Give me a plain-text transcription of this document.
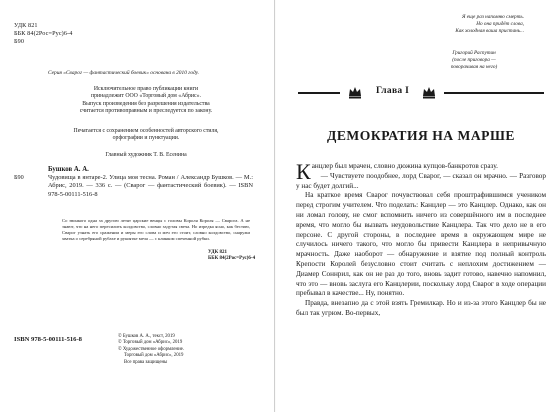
УДК 821
ББК 84(2Рос=Рус)6-4
Б90
Серия «Сварог — фантастический боевик» основана в 2010 году.
Исключительное право публикации книги
принадлежит ООО «Торговый дом «Абрис».
Выпуск произведения без разрешения издательства
считается противоправным и преследуется по закону.
Печатается с сохранением особенностей авторского стиля,
орфографии и пунктуации.
Главный художник Т. В. Есенина
Б90
Бушков А. А.
Чудовища в янтаре-2. Улица моя тесна. Роман / Александр Бушков. — М.: Абрис, 2019. — 336 с. — (Сварог — фантастический боевик). — ISBN 978-5-00111-516-8
Со звонкого одна за другою летят царские венцы с головы Короля Короля — Сварога. А не знают, что на него пересилить колдовство, словно задутая свеча. Но изредка ясно, как бестию, Сварог узнать его сражении и меры его слова и меч его стоит, словно колдовство, снаружи хватка о серебряной рубахе и рукоятке меча — с клинком спеченной рубки.
УДК 821
ББК 84(2Рос=Рус)6-4
ISBN 978-5-00111-516-8	© Бушков А. А., текст, 2019
© Торговый дом «Абрис», 2019
© Художественное оформление.
Торговый дом «Абрис», 2019
Все права защищены
Я еще раз напомню смерть.
Но она придёт слова,
Как холодная ваша пристань...
Григорий Распутин
(после приговора —
поворачивая на него)
Глава I
ДЕМОКРАТИЯ НА МАРШЕ

Канцлер был мрачен, словно дюжина купцов-банкротов сразу.

— Чувствуете поодобнее, лорд Сварог, — сказал он мрачно. — Разговор у нас будет долгий...

На краткое время Сварог почувствовал себя проштрафившимся учеником перед строгим учителем. Что поделать: Канцлер — это Канцлер. Однако, как он ни ломал голову, не смог вспомнить ничего из совершённого им в последнее время, что могло бы вызвать неудовольствие Канцлера. Так что дело не в его персоне. С другой стороны, в последнее время в окружающем мире не случилось ничего такого, что могло бы привести Канцлера в непривычную мрачность. Даже наоборот — обнаружение и взятие под полный контроль Крепости Королей безусловно стоит считать с неплохим достижением — Диамер Соннрил, как он не раз до того, вновь задит готово, навечно напомнил, что это — вновь заслуга его Канцлерии, поскольку лорд Сварог в ходе операции пребывал в качестве... Ну, понятно.

Правда, внезапно да с этой взять Гремилкар. Но и из-за этого Канцлер бы не был так угрюм. Во-первых,
